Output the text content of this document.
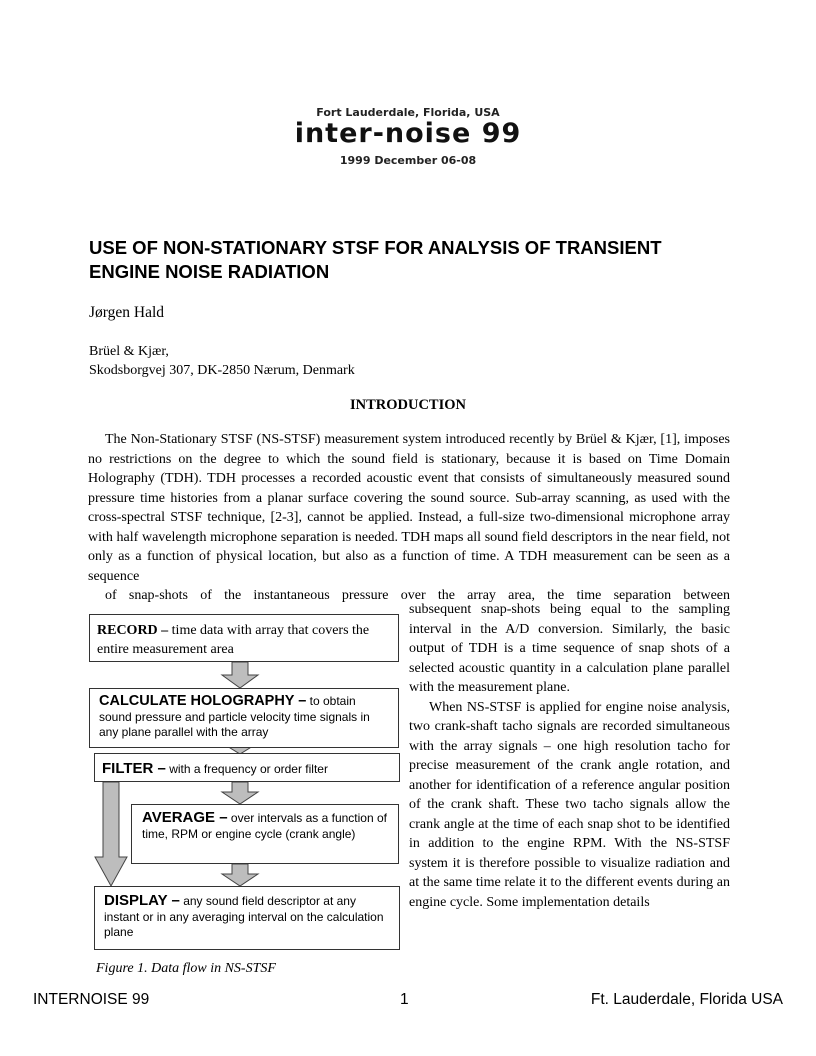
Fort Lauderdale, Florida, USA
inter-noise 99
1999 December 06-08
USE OF NON-STATIONARY STSF FOR ANALYSIS OF TRANSIENT ENGINE NOISE RADIATION
Jørgen Hald
Brüel & Kjær,
Skodsborgvej 307, DK-2850 Nærum, Denmark
INTRODUCTION
The Non-Stationary STSF (NS-STSF) measurement system introduced recently by Brüel & Kjær, [1], imposes no restrictions on the degree to which the sound field is stationary, because it is based on Time Domain Holography (TDH). TDH processes a recorded acoustic event that consists of simultaneously measured sound pressure time histories from a planar surface covering the sound source. Sub-array scanning, as used with the cross-spectral STSF technique, [2-3], cannot be applied. Instead, a full-size two-dimensional microphone array with half wavelength microphone separation is needed. TDH maps all sound field descriptors in the near field, not only as a function of physical location, but also as a function of time. A TDH measurement can be seen as a sequence
of snap-shots of the instantaneous pressure over the array area, the time separation between
subsequent snap-shots being equal to the sampling interval in the A/D conversion. Similarly, the basic output of TDH is a time sequence of snap shots of a selected acoustic quantity in a calculation plane parallel with the measurement plane.
When NS-STSF is applied for engine noise analysis, two crank-shaft tacho signals are recorded simultaneous with the array signals – one high resolution tacho for precise measurement of the crank angle rotation, and another for identification of a reference angular position of the crank shaft. These two tacho signals allow the crank angle at the time of each snap shot to be identified in addition to the engine RPM. With the NS-STSF system it is therefore possible to visualize radiation and at the same time relate it to the different events during an engine cycle. Some implementation details
RECORD – time data with array that covers the entire measurement area
CALCULATE HOLOGRAPHY – to obtain sound pressure and particle velocity time signals in any plane parallel with the array
FILTER – with a frequency or order filter
AVERAGE – over intervals as a function of time, RPM or engine cycle (crank angle)
DISPLAY – any sound field descriptor at any instant or in any averaging interval on the calculation plane
Figure 1. Data flow in NS-STSF
INTERNOISE 99	1	Ft. Lauderdale, Florida USA
